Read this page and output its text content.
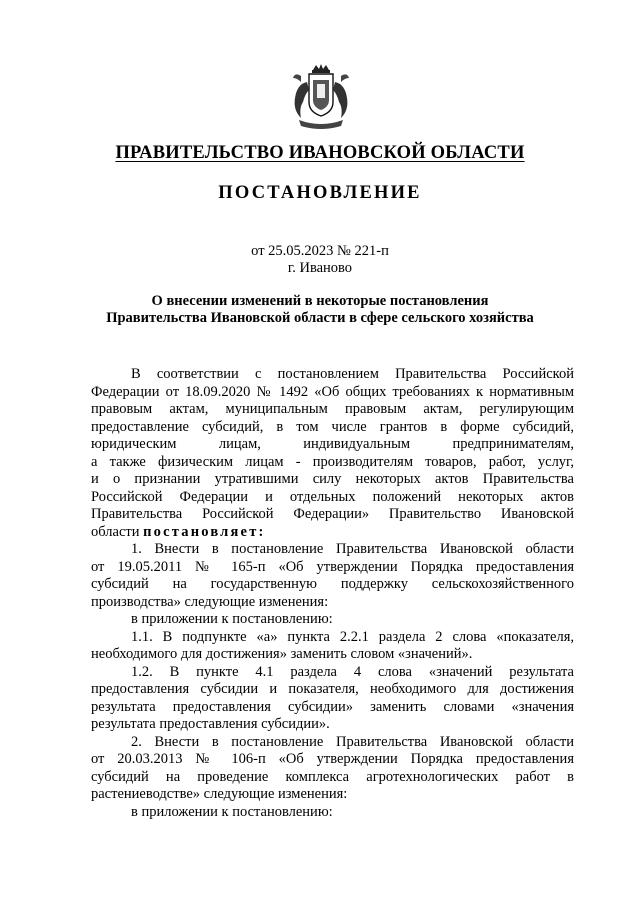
ПРАВИТЕЛЬСТВО ИВАНОВСКОЙ ОБЛАСТИ
ПОСТАНОВЛЕНИЕ
от 25.05.2023 № 221-п
г. Иваново
О внесении изменений в некоторые постановления
Правительства Ивановской области в сфере сельского хозяйства
В соответствии с постановлением Правительства Российской
Федерации от 18.09.2020 № 1492 «Об общих требованиях к нормативным
правовым актам, муниципальным правовым актам, регулирующим
предоставление субсидий, в том числе грантов в форме субсидий,
юридическим лицам, индивидуальным предпринимателям,
а также физическим лицам - производителям товаров, работ, услуг,
и о признании утратившими силу некоторых актов Правительства
Российской Федерации и отдельных положений некоторых актов
Правительства Российской Федерации» Правительство Ивановской
области постановляет:
1. Внести в постановление Правительства Ивановской области
от 19.05.2011 № 165-п «Об утверждении Порядка предоставления
субсидий на государственную поддержку сельскохозяйственного
производства» следующие изменения:
в приложении к постановлению:
1.1. В подпункте «а» пункта 2.2.1 раздела 2 слова «показателя,
необходимого для достижения» заменить словом «значений».
1.2. В пункте 4.1 раздела 4 слова «значений результата
предоставления субсидии и показателя, необходимого для достижения
результата предоставления субсидии» заменить словами «значения
результата предоставления субсидии».
2. Внести в постановление Правительства Ивановской области
от 20.03.2013 № 106-п «Об утверждении Порядка предоставления
субсидий на проведение комплекса агротехнологических работ в
растениеводстве» следующие изменения:
в приложении к постановлению:
